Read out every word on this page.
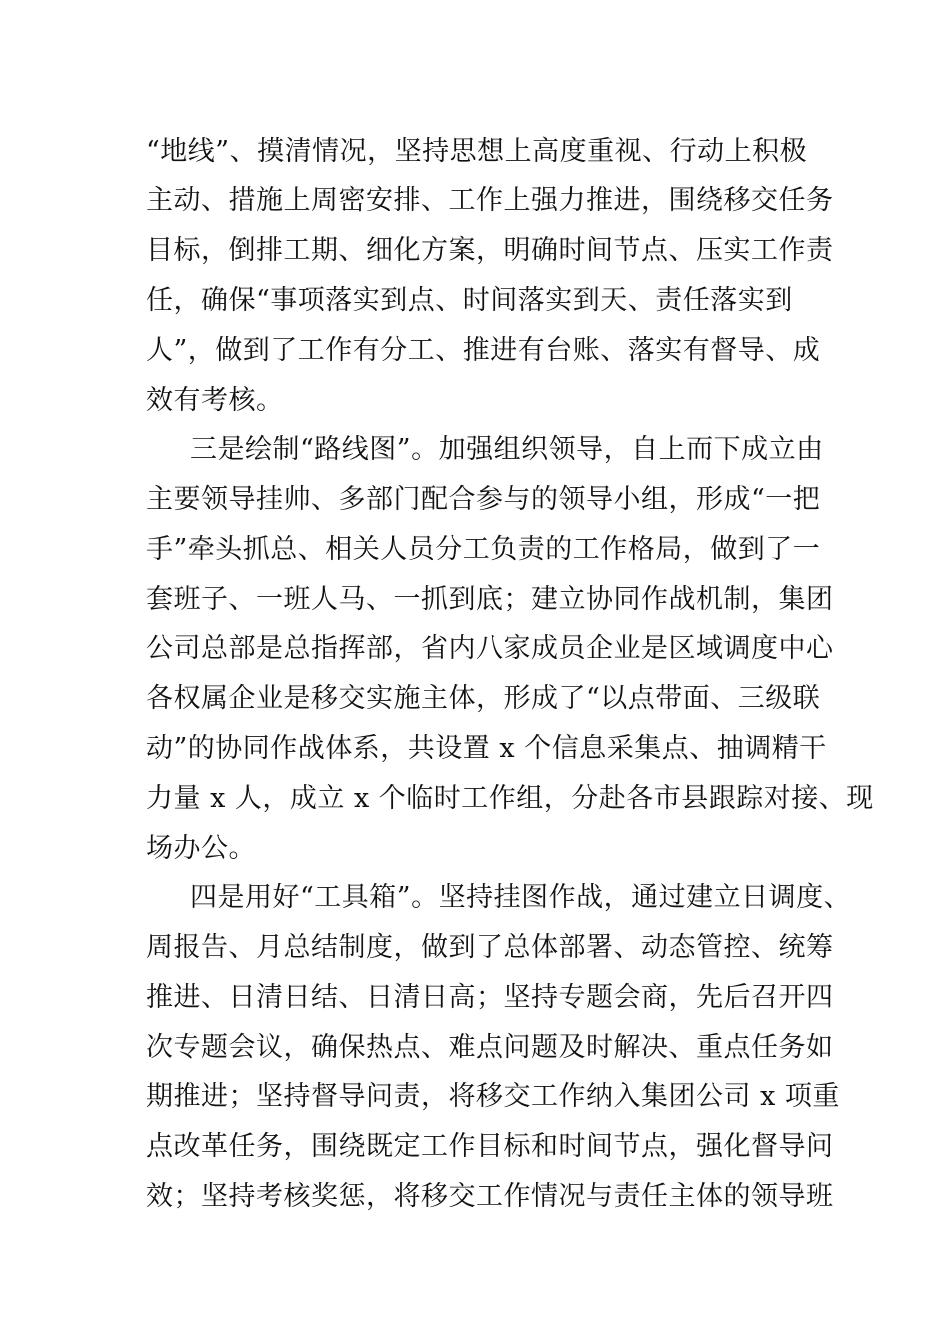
“地线”、摸清情况，坚持思想上高度重视、行动上积极
主动、措施上周密安排、工作上强力推进，围绕移交任务
目标，倒排工期、细化方案，明确时间节点、压实工作责
任，确保“事项落实到点、时间落实到天、责任落实到
人”，做到了工作有分工、推进有台账、落实有督导、成
效有考核。
三是绘制“路线图”。加强组织领导，自上而下成立由
主要领导挂帅、多部门配合参与的领导小组，形成“一把
手”牵头抓总、相关人员分工负责的工作格局，做到了一
套班子、一班人马、一抓到底；建立协同作战机制，集团
公司总部是总指挥部，省内八家成员企业是区域调度中心
各权属企业是移交实施主体，形成了“以点带面、三级联
动”的协同作战体系，共设置 x 个信息采集点、抽调精干
力量 x 人，成立 x 个临时工作组，分赴各市县跟踪对接、现
场办公。
四是用好“工具箱”。坚持挂图作战，通过建立日调度、
周报告、月总结制度，做到了总体部署、动态管控、统筹
推进、日清日结、日清日高；坚持专题会商，先后召开四
次专题会议，确保热点、难点问题及时解决、重点任务如
期推进；坚持督导问责，将移交工作纳入集团公司 x 项重
点改革任务，围绕既定工作目标和时间节点，强化督导问
效；坚持考核奖惩，将移交工作情况与责任主体的领导班
